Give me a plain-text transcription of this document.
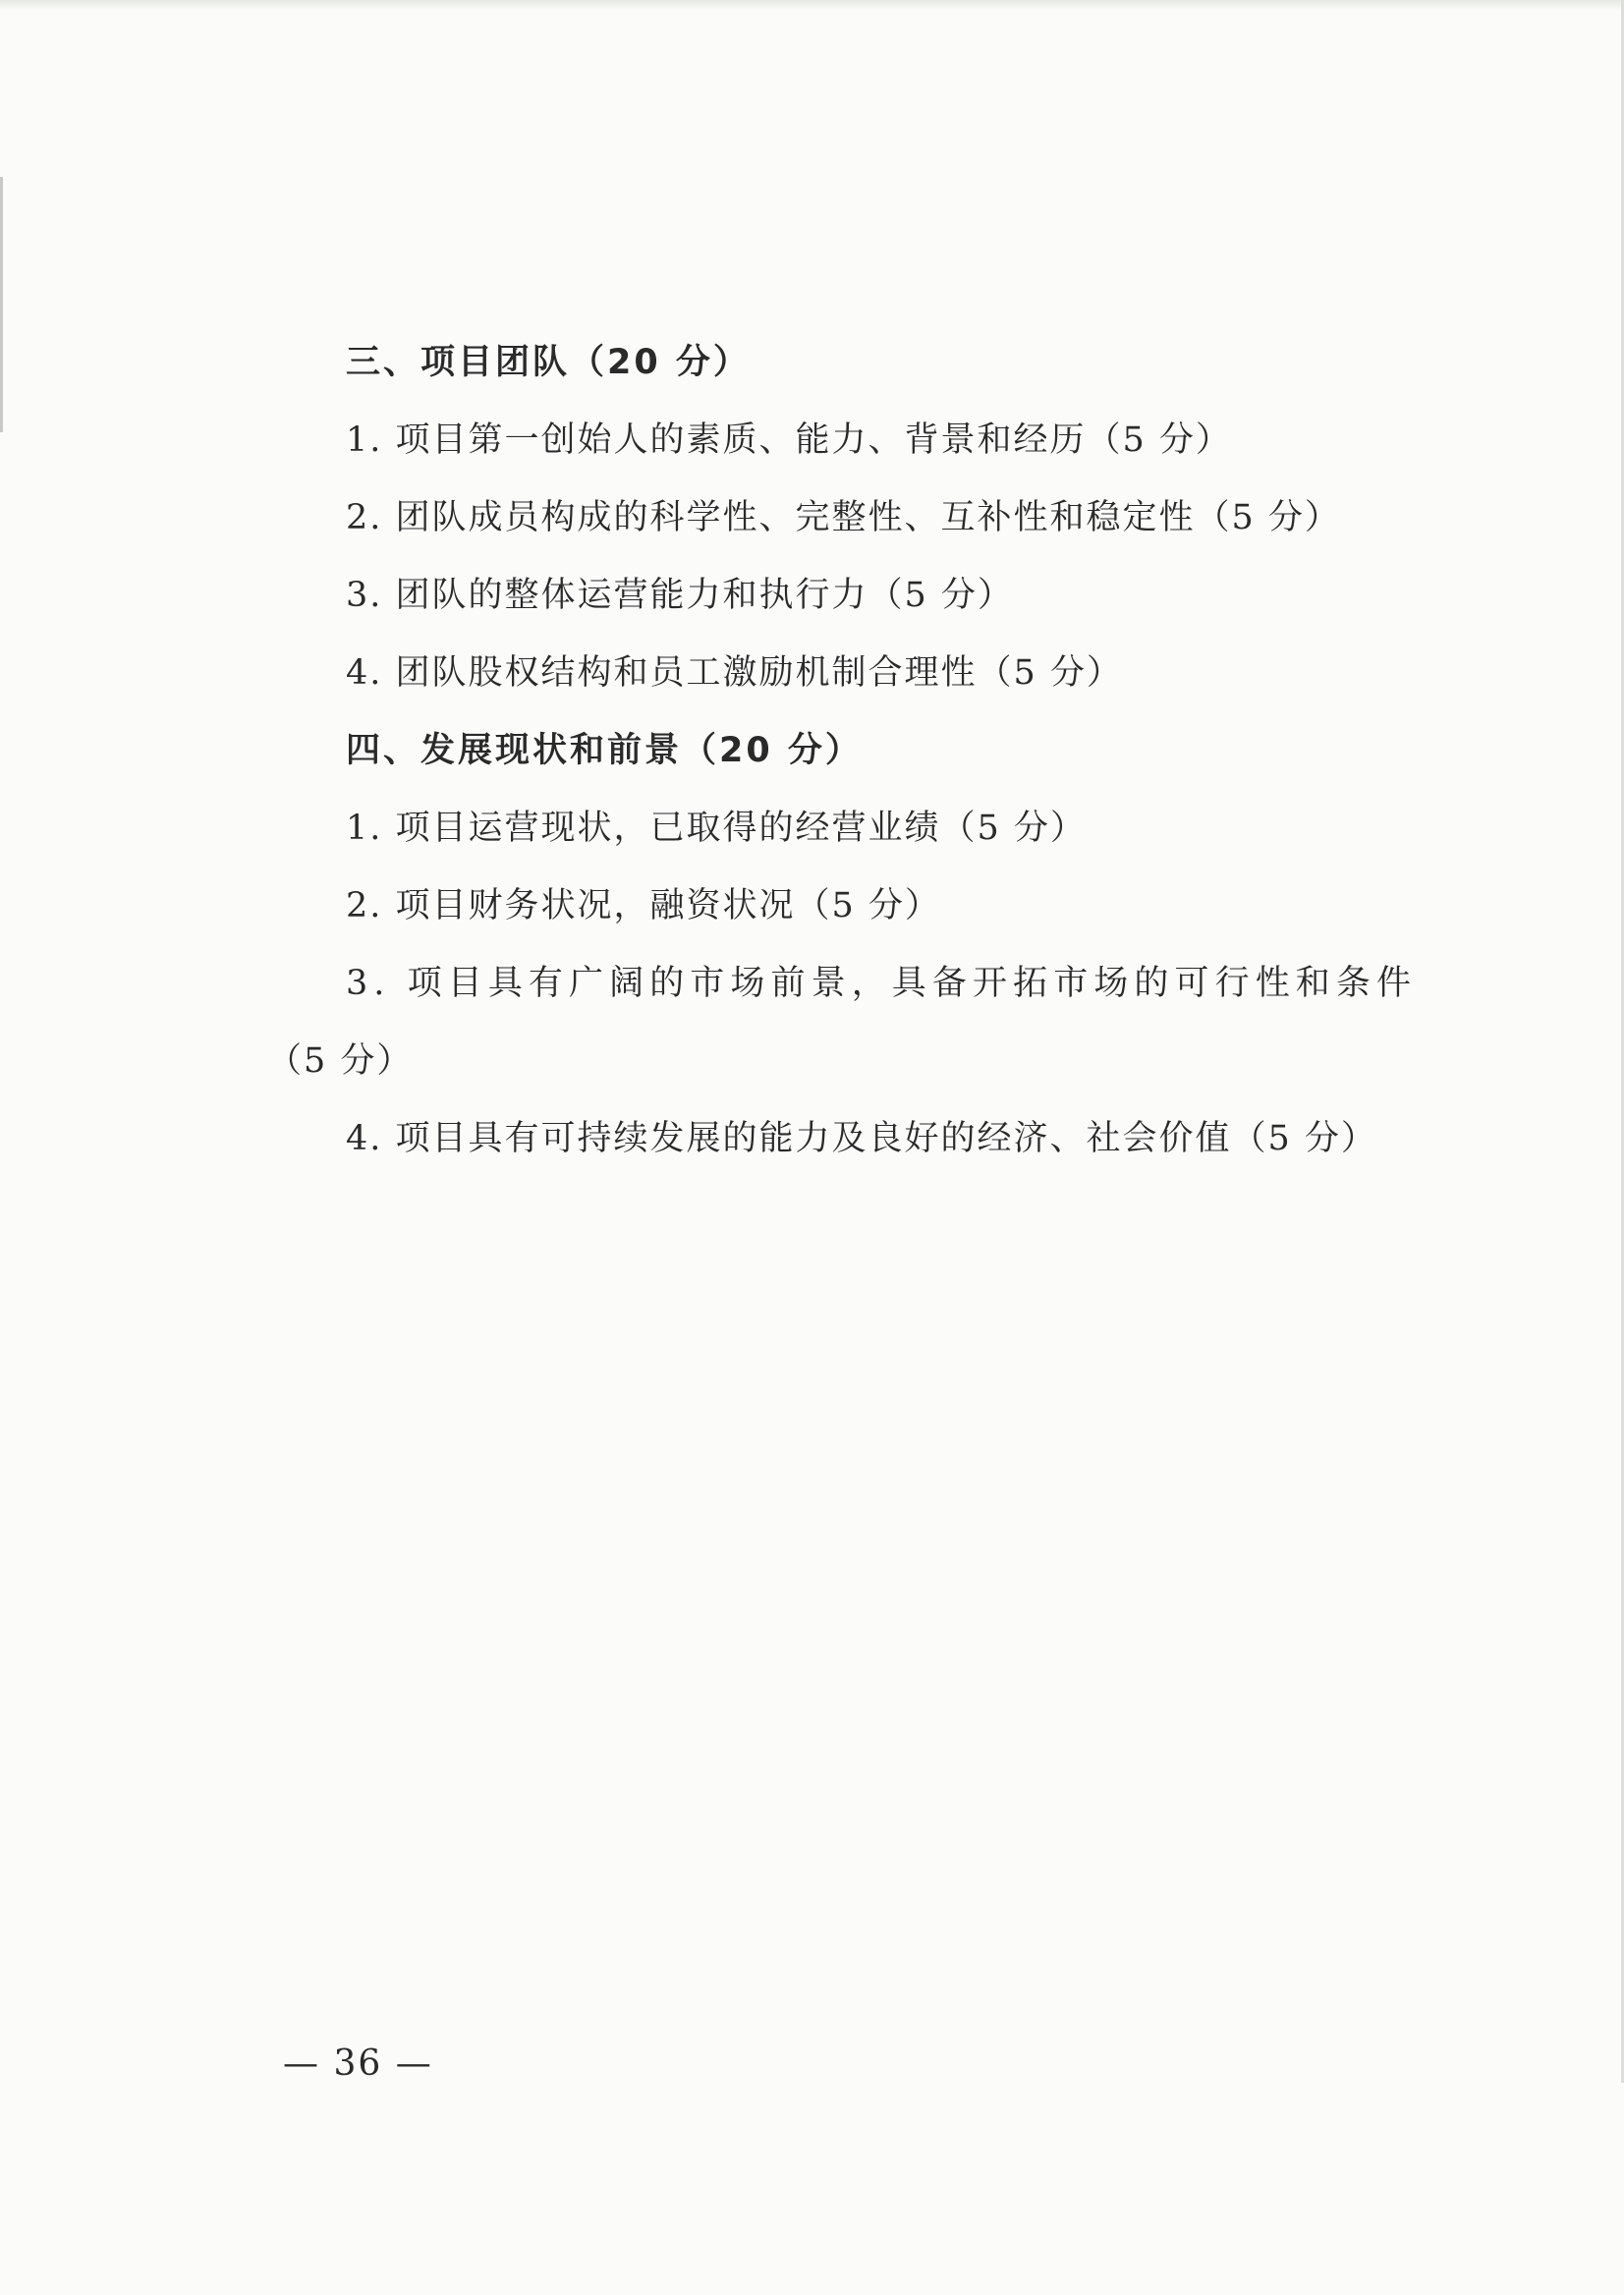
三、项目团队（20 分）
1. 项目第一创始人的素质、能力、背景和经历（5 分）
2. 团队成员构成的科学性、完整性、互补性和稳定性（5 分）
3. 团队的整体运营能力和执行力（5 分）
4. 团队股权结构和员工激励机制合理性（5 分）
四、发展现状和前景（20 分）
1. 项目运营现状，已取得的经营业绩（5 分）
2. 项目财务状况，融资状况（5 分）
3. 项目具有广阔的市场前景，具备开拓市场的可行性和条件
（5 分）
4. 项目具有可持续发展的能力及良好的经济、社会价值（5 分）
— 36 —
